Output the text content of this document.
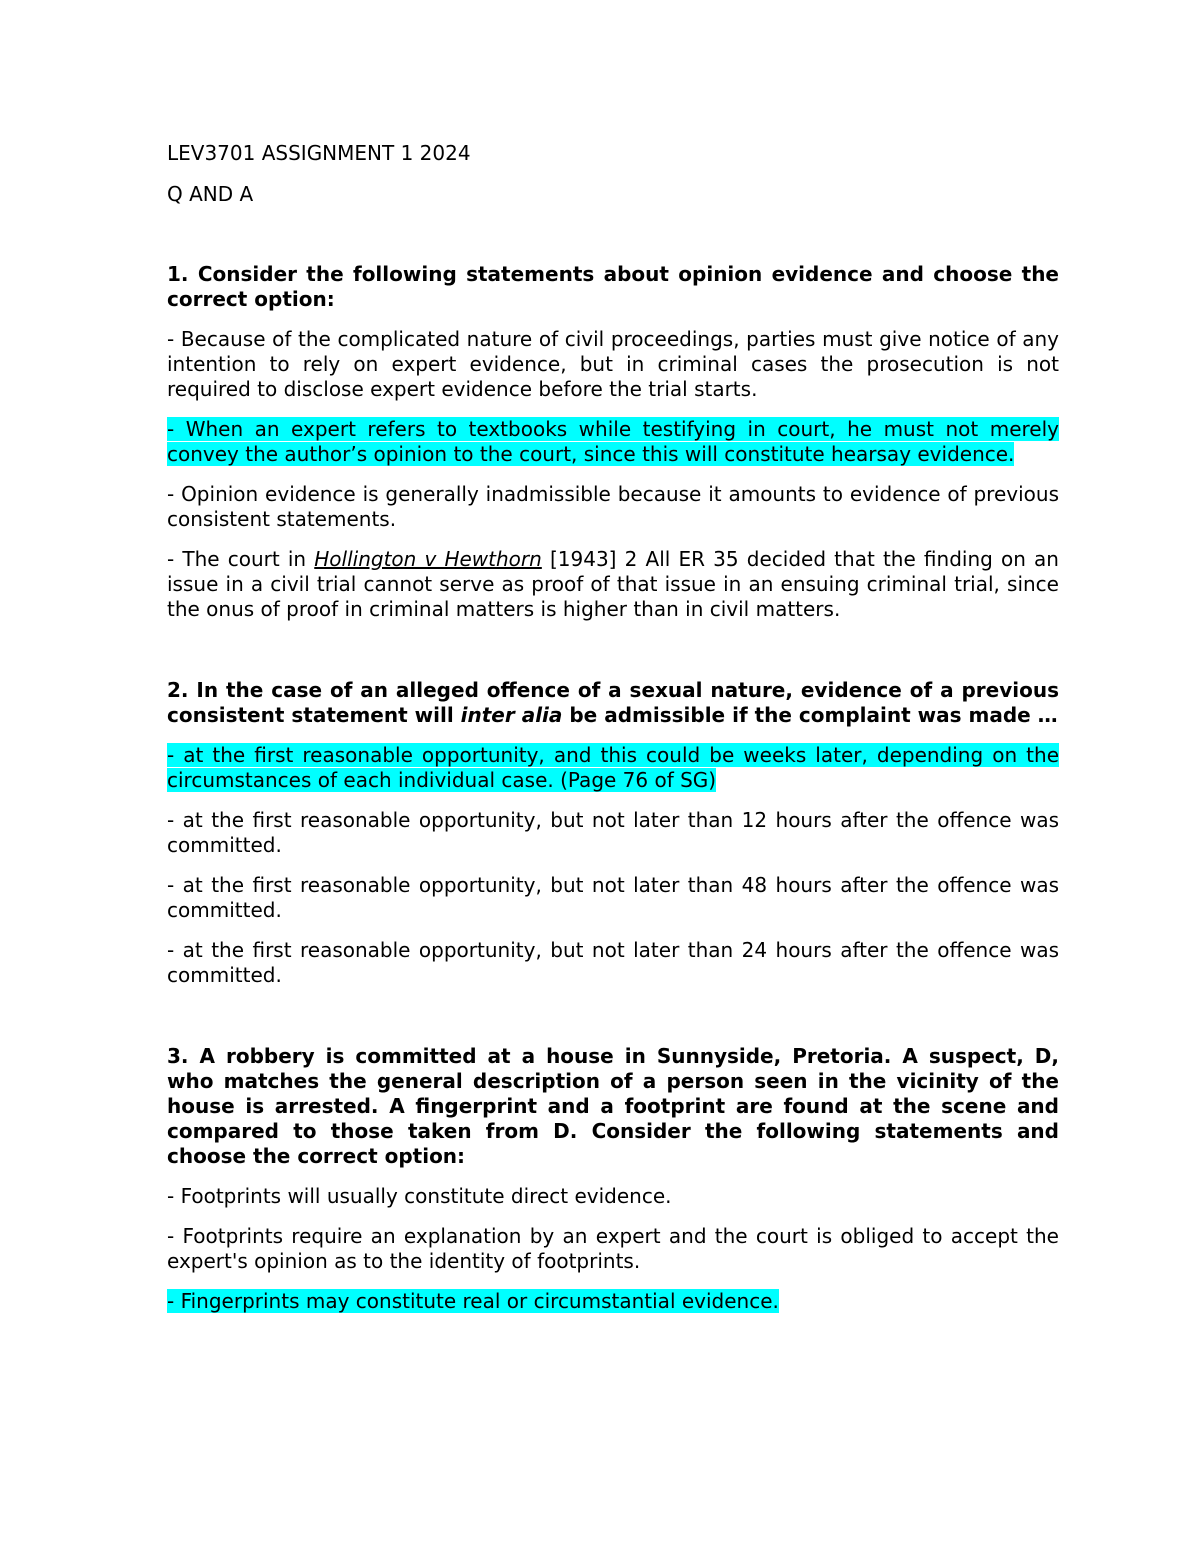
LEV3701 ASSIGNMENT 1 2024

Q AND A

1. Consider the following statements about opinion evidence and choose the correct option:

- Because of the complicated nature of civil proceedings, parties must give notice of any intention to rely on expert evidence, but in criminal cases the prosecution is not required to disclose expert evidence before the trial starts.

- When an expert refers to textbooks while testifying in court, he must not merely convey the author’s opinion to the court, since this will constitute hearsay evidence.

- Opinion evidence is generally inadmissible because it amounts to evidence of previous consistent statements.

- The court in Hollington v Hewthorn [1943] 2 All ER 35 decided that the finding on an issue in a civil trial cannot serve as proof of that issue in an ensuing criminal trial, since the onus of proof in criminal matters is higher than in civil matters.

2. In the case of an alleged offence of a sexual nature, evidence of a previous consistent statement will inter alia be admissible if the complaint was made …

- at the first reasonable opportunity, and this could be weeks later, depending on the circumstances of each individual case. (Page 76 of SG)

- at the first reasonable opportunity, but not later than 12 hours after the offence was committed.

- at the first reasonable opportunity, but not later than 48 hours after the offence was committed.

- at the first reasonable opportunity, but not later than 24 hours after the offence was committed.

3. A robbery is committed at a house in Sunnyside, Pretoria. A suspect, D, who matches the general description of a person seen in the vicinity of the house is arrested. A fingerprint and a footprint are found at the scene and compared to those taken from D. Consider the following statements and choose the correct option:

- Footprints will usually constitute direct evidence.

- Footprints require an explanation by an expert and the court is obliged to accept the expert's opinion as to the identity of footprints.

- Fingerprints may constitute real or circumstantial evidence.
